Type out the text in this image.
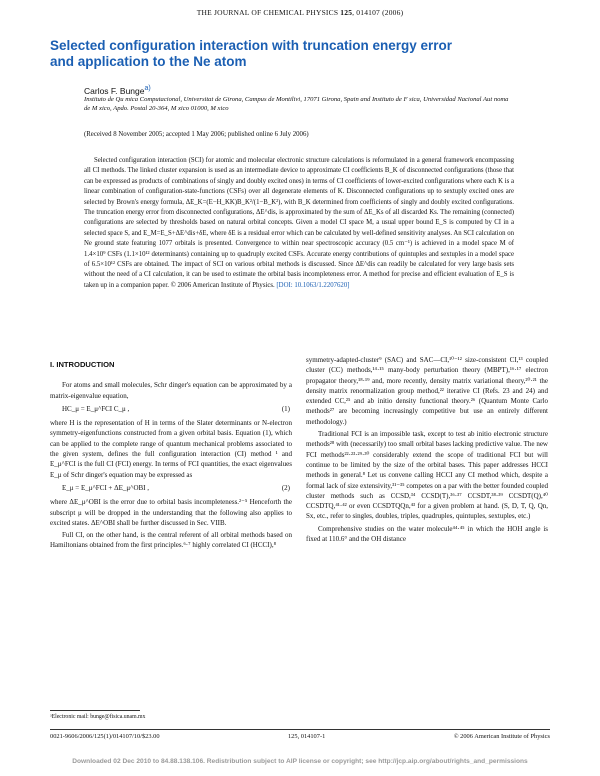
THE JOURNAL OF CHEMICAL PHYSICS 125, 014107 (2006)
Selected configuration interaction with truncation energy error and application to the Ne atom
Carlos F. Bunge$^{a)}$
Instituto de Qu mica Computacional, Universitat de Girona, Campus de Montilivi, 17071 Girona, Spain and Instituto de F sica, Universidad Nacional Aut noma de M xico, Apdo. Postal 20-364, M xico 01000, M xico
(Received 8 November 2005; accepted 1 May 2006; published online 6 July 2006)
Selected configuration interaction (SCI) for atomic and molecular electronic structure calculations is reformulated in a general framework encompassing all CI methods. The linked cluster expansion is used as an intermediate device to approximate CI coefficients B_K of disconnected configurations (those that can be expressed as products of combinations of singly and doubly excited ones) in terms of CI coefficients of lower-excited configurations where each K is a linear combination of configuration-state-functions (CSFs) over all degenerate elements of K. Disconnected configurations up to sextuply excited ones are selected by Brown's energy formula, ΔE_K=(E−H_KK)B_K²/(1−B_K²), with B_K determined from coefficients of singly and doubly excited configurations. The truncation energy error from disconnected configurations, ΔE^dis, is approximated by the sum of ΔE_Ks of all discarded Ks. The remaining (connected) configurations are selected by thresholds based on natural orbital concepts. Given a model CI space M, a usual upper bound E_S is computed by CI in a selected space S, and E_M=E_S+ΔE^dis+δE, where δE is a residual error which can be calculated by well-defined sensitivity analyses. An SCI calculation on Ne ground state featuring 1077 orbitals is presented. Convergence to within near spectroscopic accuracy (0.5 cm⁻¹) is achieved in a model space M of 1.4×10⁹ CSFs (1.1×10¹² determinants) containing up to quadruply excited CSFs. Accurate energy contributions of quintuples and sextuples in a model space of 6.5×10¹² CSFs are obtained. The impact of SCI on various orbital methods is discussed. Since ΔE^dis can readily be calculated for very large basis sets without the need of a CI calculation, it can be used to estimate the orbital basis incompleteness error. A method for precise and efficient evaluation of E_S is taken up in a companion paper. © 2006 American Institute of Physics. [DOI: 10.1063/1.2207620]
I. INTRODUCTION

For atoms and small molecules, Schr dinger's equation can be approximated by a matrix-eigenvalue equation,

HC_μ = E_μ^FCI C_μ ,	(1)

where H is the representation of H in terms of the Slater determinants or N-electron symmetry-eigenfunctions constructed from a given orbital basis. Equation (1), which can be applied to the complete range of quantum mechanical problems associated to the given system, defines the full configuration interaction (CI) method ¹ and E_μ^FCI is the full CI (FCI) energy. In terms of FCI quantities, the exact eigenvalues E_μ of Schr dinger's equation may be expressed as

E_μ = E_μ^FCI + ΔE_μ^OBI ,	(2)

where ΔE_μ^OBI is the error due to orbital basis incompleteness.²⁻⁵ Henceforth the subscript μ will be dropped in the understanding that the following also applies to excited states. ΔE^OBI shall be further discussed in Sec. VIIB.

Full CI, on the other hand, is the central referent of all orbital methods based on Hamiltonians obtained from the first principles.⁶·⁷ highly correlated CI (HCCI),⁸

symmetry-adapted-cluster⁹ (SAC) and SAC—CI,¹⁰⁻¹² size-consistent CI,¹³ coupled cluster (CC) methods,¹⁴·¹⁵ many-body perturbation theory (MBPT),¹⁶·¹⁷ electron propagator theory,¹⁸·¹⁹ and, more recently, density matrix variational theory,²⁰·²¹ the density matrix renormalization group method,²² iterative CI (Refs. 23 and 24) and extended CC,²⁵ and ab initio density functional theory.²⁶ (Quantum Monte Carlo methods²⁷ are becoming increasingly competitive but use an entirely different methodology.)

Traditional FCI is an impossible task, except to test ab initio electronic structure methods²⁸ with (necessarily) too small orbital bases lacking predictive value. The new FCI methods²²·²³·²⁹·³⁰ considerably extend the scope of traditional FCI but will continue to be limited by the size of the orbital bases. This paper addresses HCCI methods in general.⁸ Let us convene calling HCCI any CI method which, despite a formal lack of size extensivity,³¹⁻³⁵ competes on a par with the better founded coupled cluster methods such as CCSD,³⁴ CCSD(T),³⁶·³⁷ CCSDT,³⁸·³⁹ CCSDT(Q),⁴⁰ CCSDTQ,⁴¹·⁴² or even CCSDTQQn,⁴³ for a given problem at hand. (S, D, T, Q, Qn, Sx, etc., refer to singles, doubles, triples, quadruples, quintuples, sextuples, etc.)

Comprehensive studies on the water molecule⁴⁴·⁴⁵ in which the HOH angle is fixed at 110.6° and the OH distance

ᵃElectronic mail: bunge@fisica.unam.mx
0021-9606/2006/125(1)/014107/10/$23.00	125, 014107-1	© 2006 American Institute of Physics
Downloaded 02 Dec 2010 to 84.88.138.106. Redistribution subject to AIP license or copyright; see http://jcp.aip.org/about/rights_and_permissions
